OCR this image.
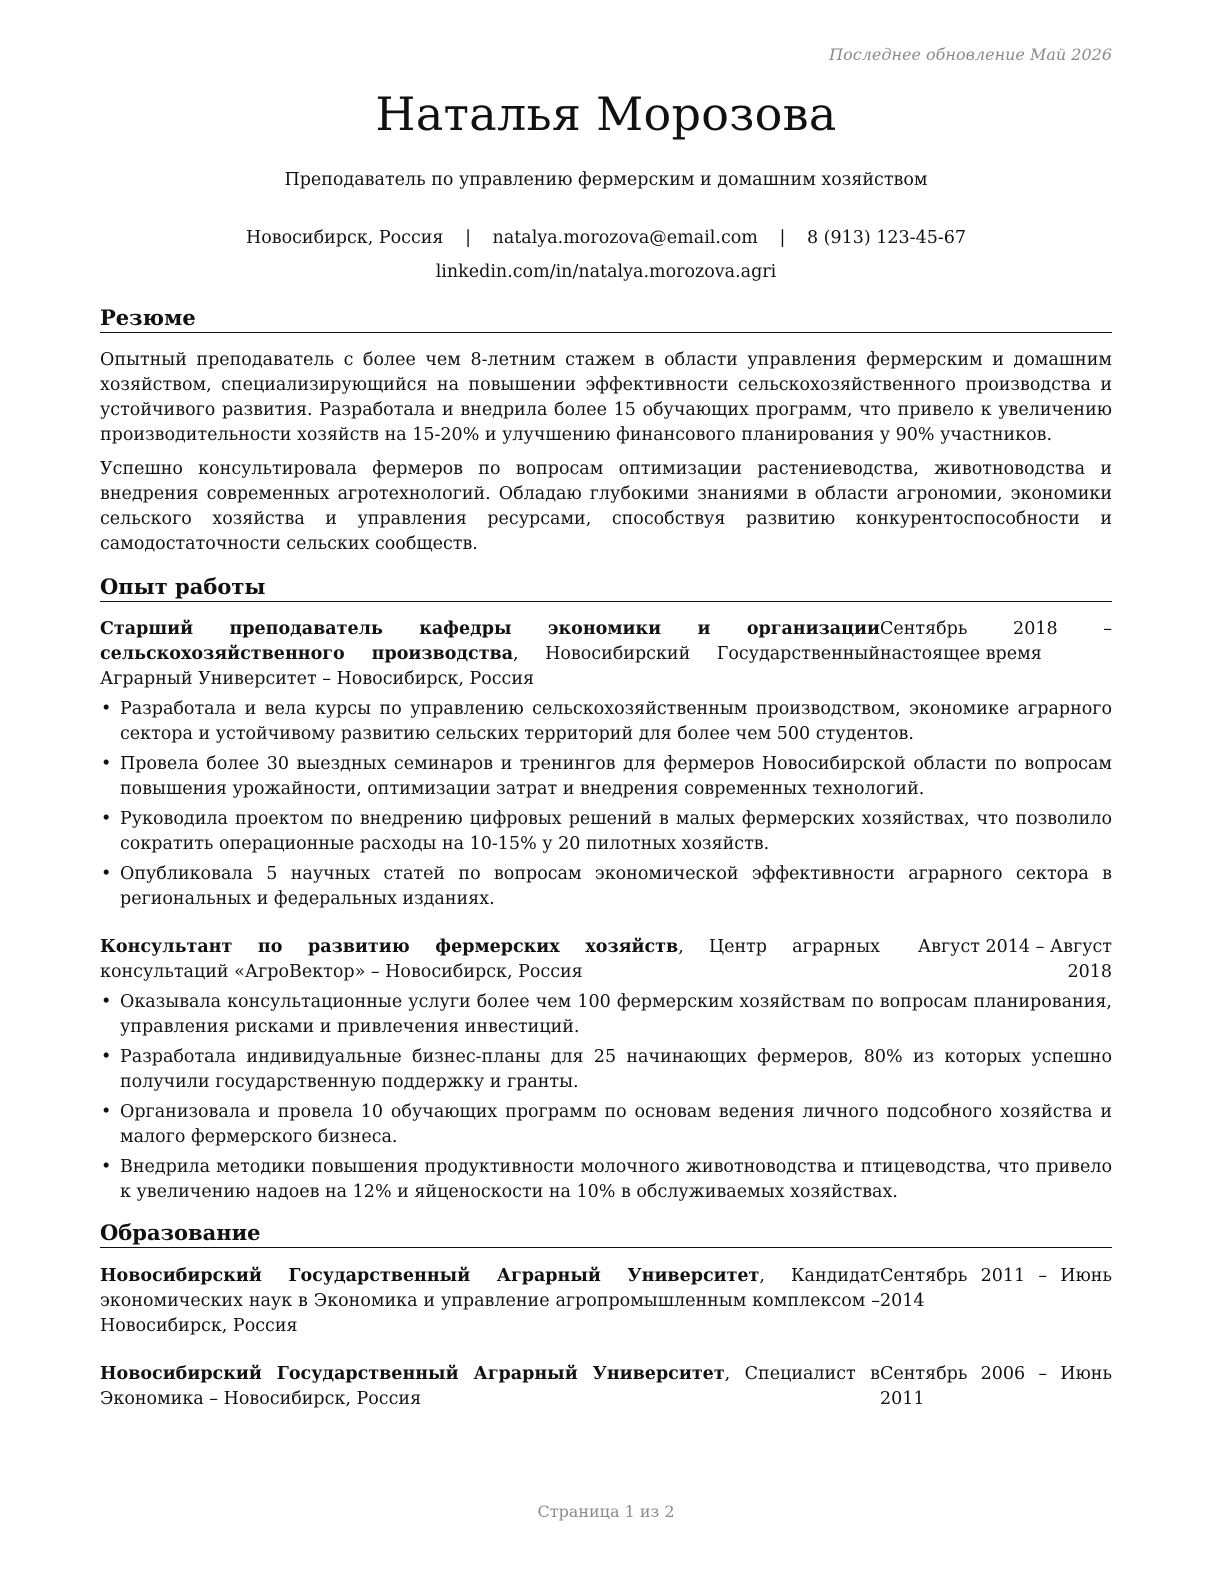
Последнее обновление Май 2026
Наталья Морозова
Преподаватель по управлению фермерским и домашним хозяйством
Новосибирск, Россия | natalya.morozova@email.com | 8 (913) 123-45-67
linkedin.com/in/natalya.morozova.agri
Резюме

Опытный преподаватель с более чем 8-летним стажем в области управления фермерским и домашним хозяйством, специализирующийся на повышении эффективности сельскохозяйственного производства и устойчивого развития. Разработала и внедрила более 15 обучающих программ, что привело к увеличению производительности хозяйств на 15-20% и улучшению финансового планирования у 90% участников.

Успешно консультировала фермеров по вопросам оптимизации растениеводства, животноводства и внедрения современных агротехнологий. Обладаю глубокими знаниями в области агрономии, экономики сельского хозяйства и управления ресурсами, способствуя развитию конкурентоспособности и самодостаточности сельских сообществ.

Опыт работы
Старший преподаватель кафедры экономики и организации сельскохозяйственного производства, Новосибирский Государственный Аграрный Университет – Новосибирск, Россия
Сентябрь 2018 – настоящее время
• Разработала и вела курсы по управлению сельскохозяйственным производством, экономике аграрного сектора и устойчивому развитию сельских территорий для более чем 500 студентов.
• Провела более 30 выездных семинаров и тренингов для фермеров Новосибирской области по вопросам повышения урожайности, оптимизации затрат и внедрения современных технологий.
• Руководила проектом по внедрению цифровых решений в малых фермерских хозяйствах, что позволило сократить операционные расходы на 10-15% у 20 пилотных хозяйств.
• Опубликовала 5 научных статей по вопросам экономической эффективности аграрного сектора в региональных и федеральных изданиях.
Консультант по развитию фермерских хозяйств, Центр аграрных консультаций «АгроВектор» – Новосибирск, Россия
Август 2014 – Август 2018
• Оказывала консультационные услуги более чем 100 фермерским хозяйствам по вопросам планирования, управления рисками и привлечения инвестиций.
• Разработала индивидуальные бизнес-планы для 25 начинающих фермеров, 80% из которых успешно получили государственную поддержку и гранты.
• Организовала и провела 10 обучающих программ по основам ведения личного подсобного хозяйства и малого фермерского бизнеса.
• Внедрила методики повышения продуктивности молочного животноводства и птицеводства, что привело к увеличению надоев на 12% и яйценоскости на 10% в обслуживаемых хозяйствах.
Образование
Новосибирский Государственный Аграрный Университет, Кандидат экономических наук в Экономика и управление агропромышленным комплексом – Новосибирск, Россия
Сентябрь 2011 – Июнь 2014
Новосибирский Государственный Аграрный Университет, Специалист в Экономика – Новосибирск, Россия
Сентябрь 2006 – Июнь 2011
Страница 1 из 2
